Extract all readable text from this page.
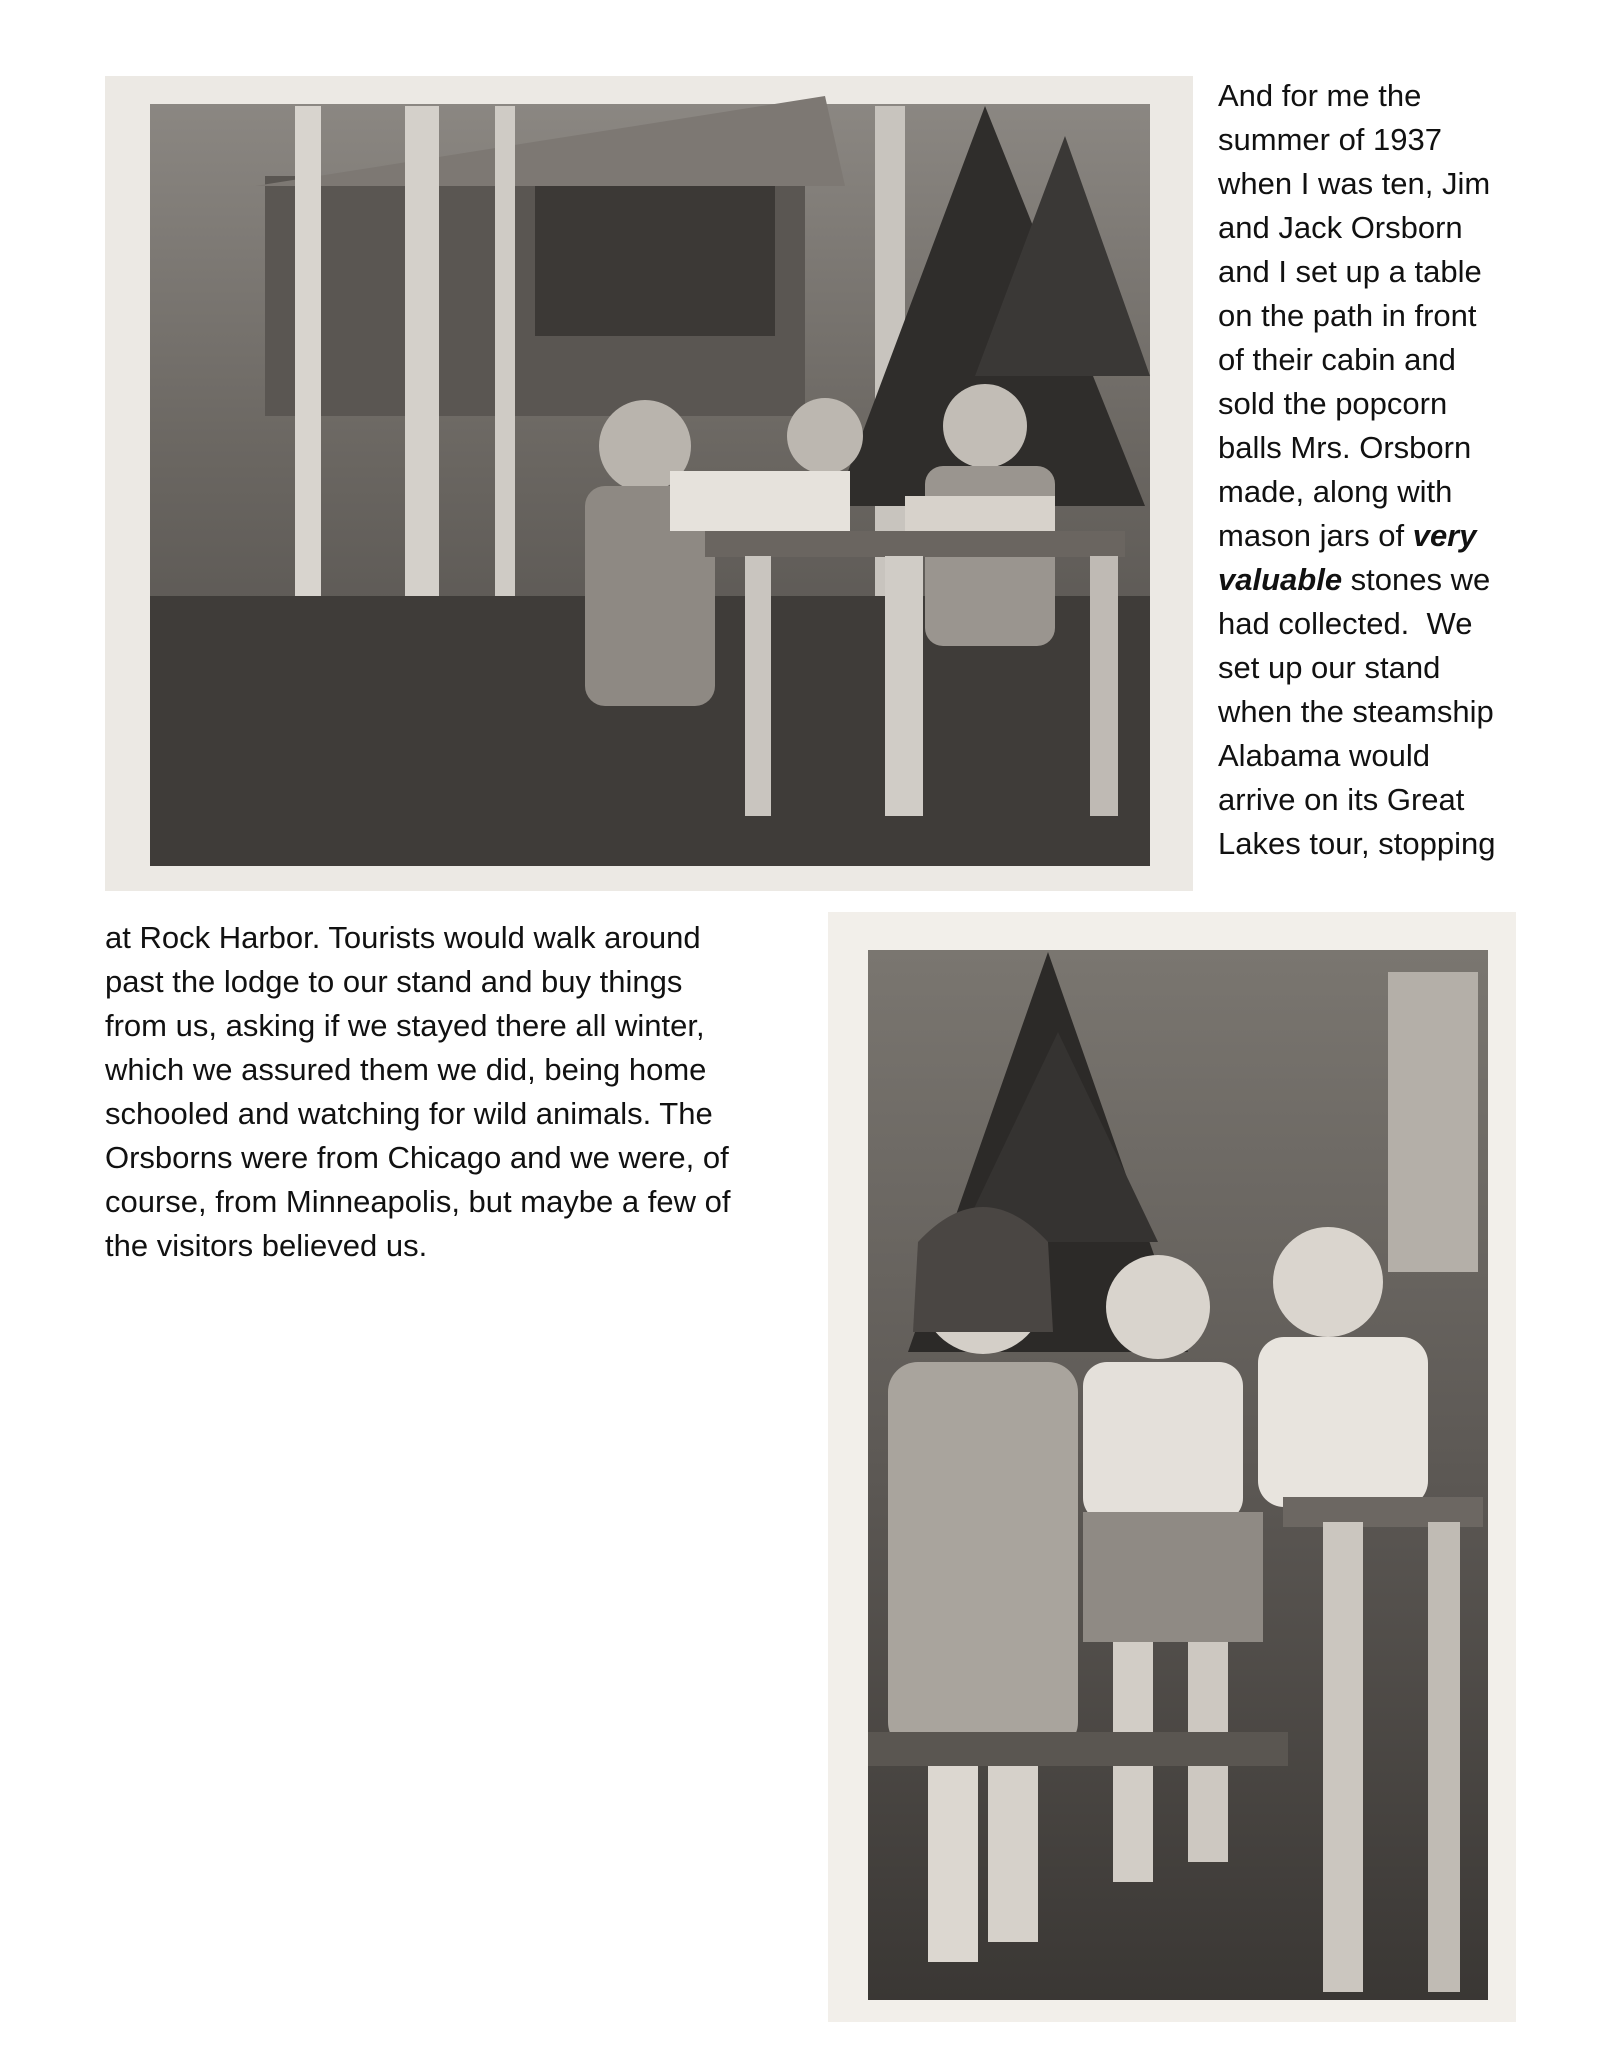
And for me the
summer of 1937
when I was ten, Jim
and Jack Orsborn
and I set up a table
on the path in front
of their cabin and
sold the popcorn
balls Mrs. Orsborn
made, along with
mason jars of very
valuable stones we
had collected.  We
set up our stand
when the steamship
Alabama would
arrive on its Great
Lakes tour, stopping

at Rock Harbor. Tourists would walk around
past the lodge to our stand and buy things
from us, asking if we stayed there all winter,
which we assured them we did, being home
schooled and watching for wild animals. The
Orsborns were from Chicago and we were, of
course, from Minneapolis, but maybe a few of
the visitors believed us.
